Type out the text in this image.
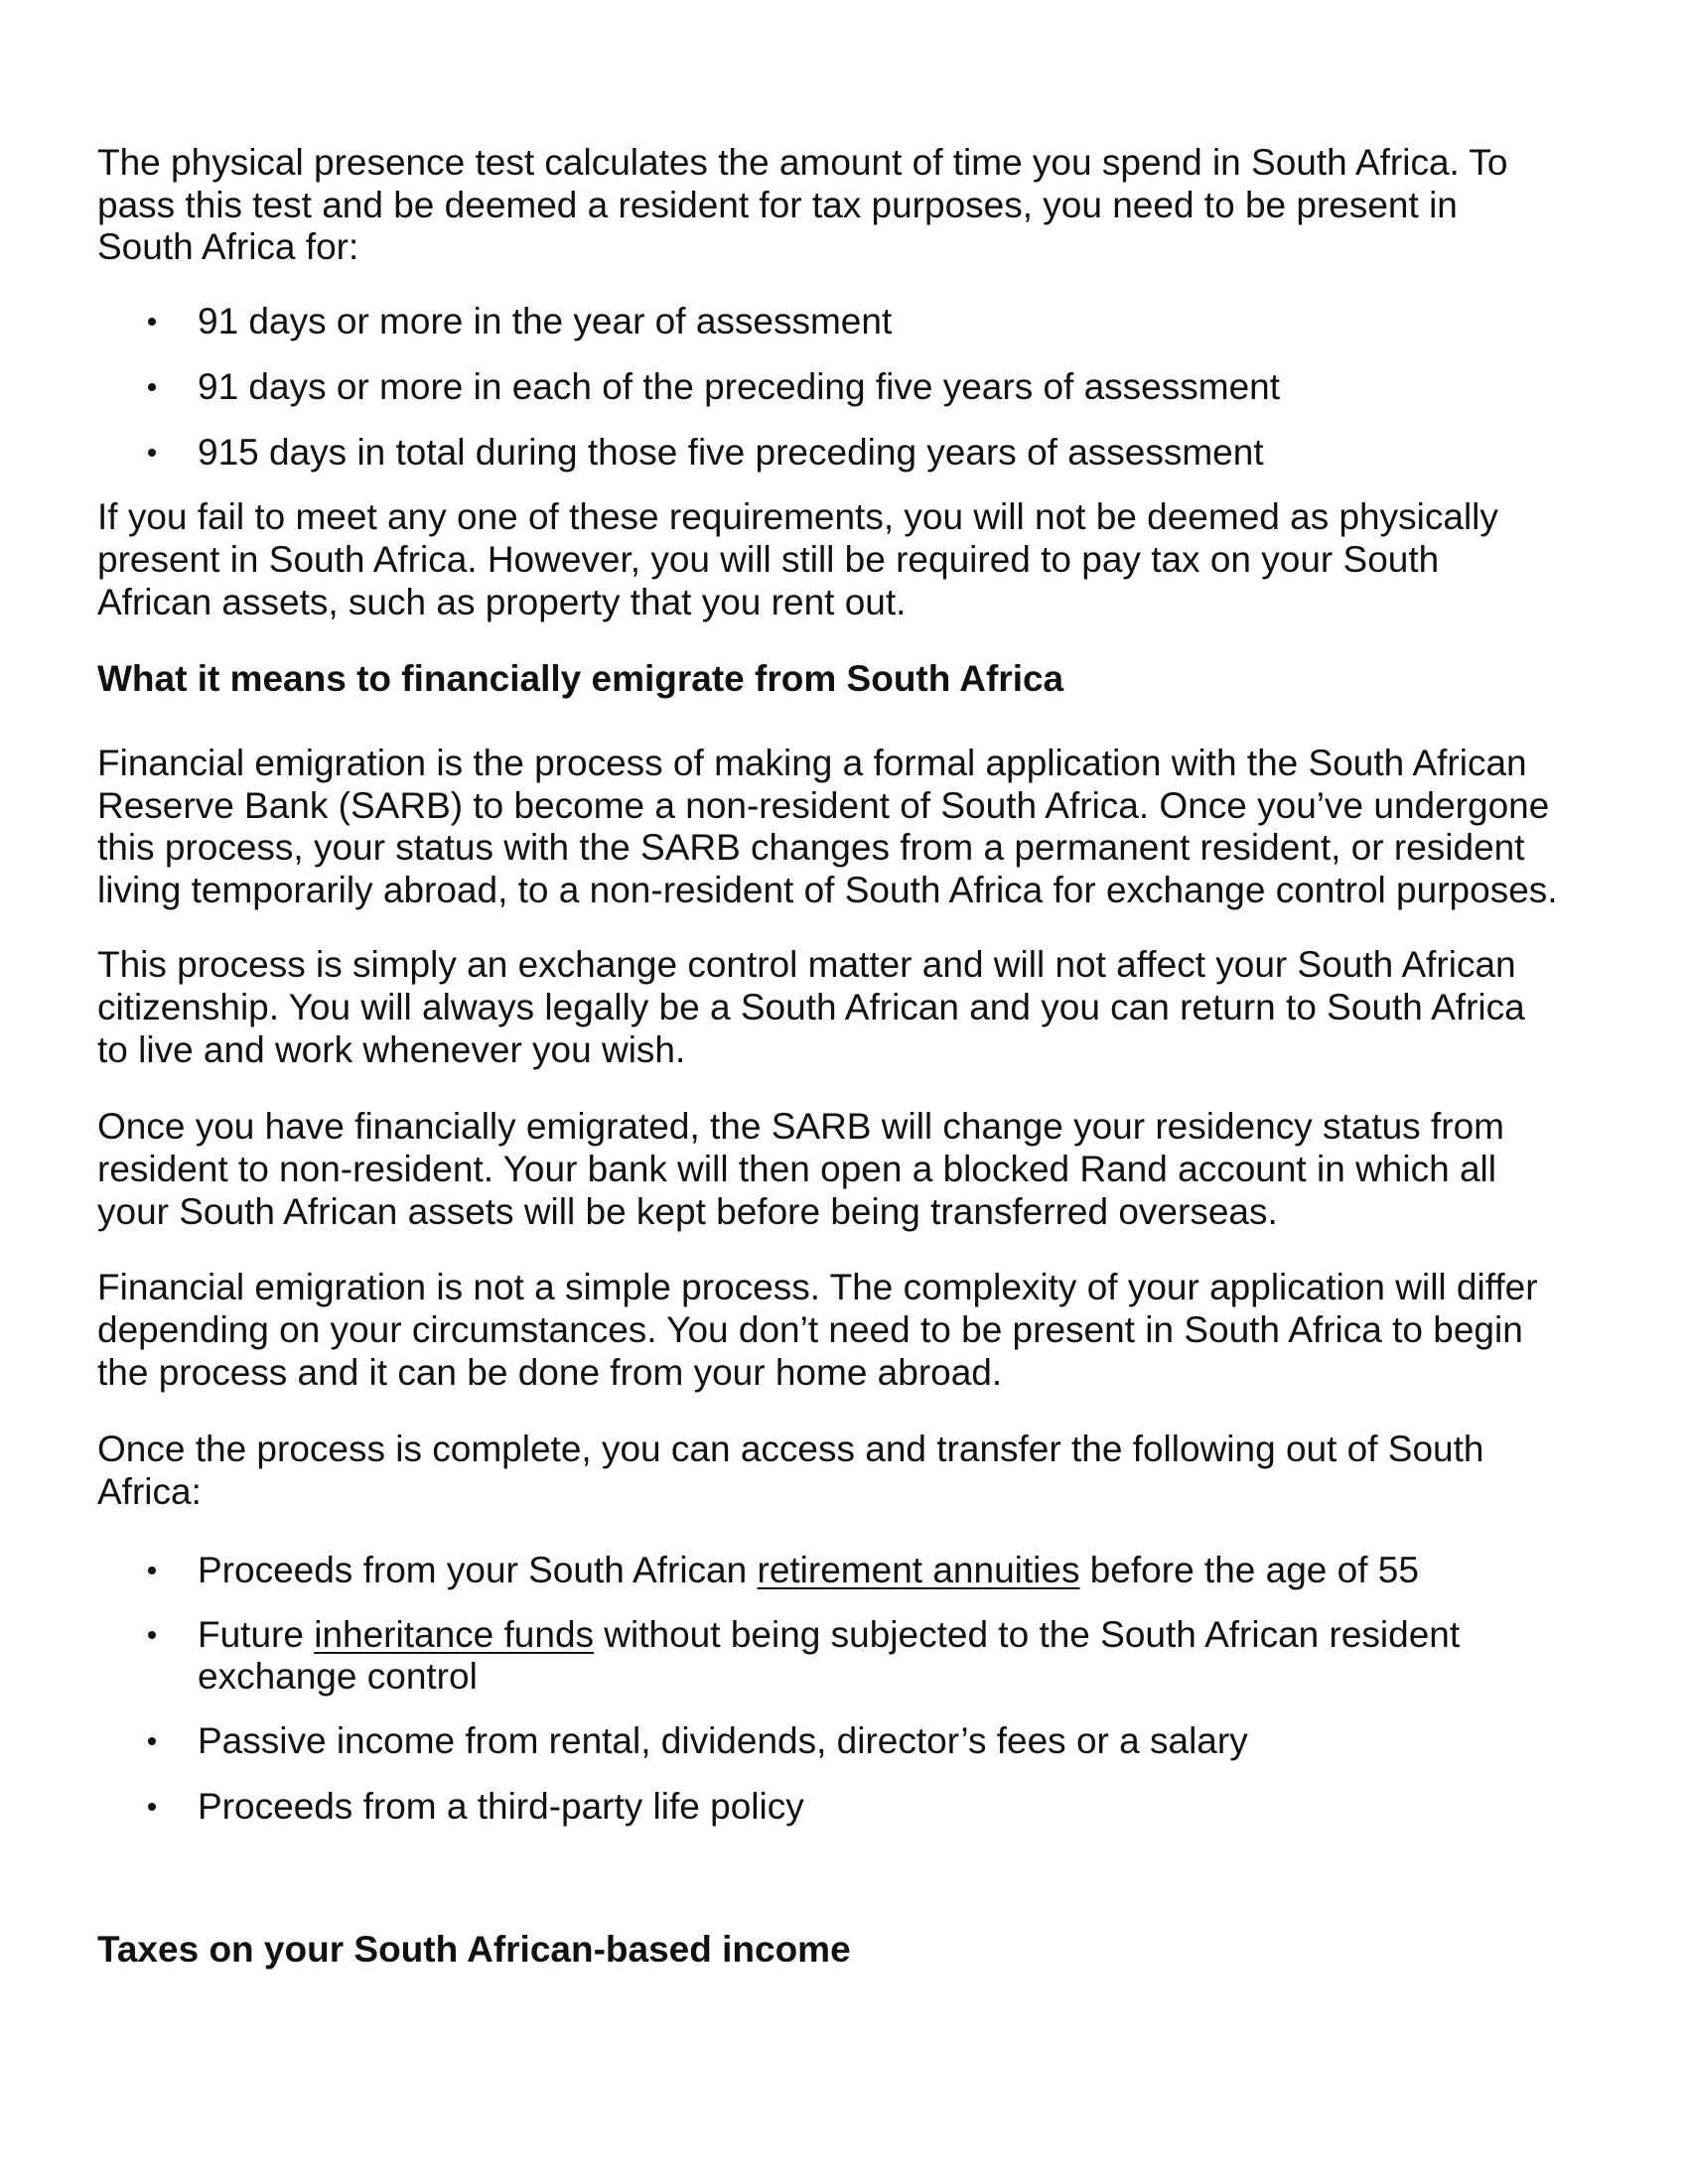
The physical presence test calculates the amount of time you spend in South Africa. To
pass this test and be deemed a resident for tax purposes, you need to be present in
South Africa for:
91 days or more in the year of assessment
91 days or more in each of the preceding five years of assessment
915 days in total during those five preceding years of assessment
If you fail to meet any one of these requirements, you will not be deemed as physically
present in South Africa. However, you will still be required to pay tax on your South
African assets, such as property that you rent out.
What it means to financially emigrate from South Africa
Financial emigration is the process of making a formal application with the South African
Reserve Bank (SARB) to become a non-resident of South Africa. Once you’ve undergone
this process, your status with the SARB changes from a permanent resident, or resident
living temporarily abroad, to a non-resident of South Africa for exchange control purposes.
This process is simply an exchange control matter and will not affect your South African
citizenship. You will always legally be a South African and you can return to South Africa
to live and work whenever you wish.
Once you have financially emigrated, the SARB will change your residency status from
resident to non-resident. Your bank will then open a blocked Rand account in which all
your South African assets will be kept before being transferred overseas.
Financial emigration is not a simple process. The complexity of your application will differ
depending on your circumstances. You don’t need to be present in South Africa to begin
the process and it can be done from your home abroad.
Once the process is complete, you can access and transfer the following out of South
Africa:
Proceeds from your South African retirement annuities before the age of 55
Future inheritance funds without being subjected to the South African resident
exchange control
Passive income from rental, dividends, director’s fees or a salary
Proceeds from a third-party life policy
Taxes on your South African-based income
